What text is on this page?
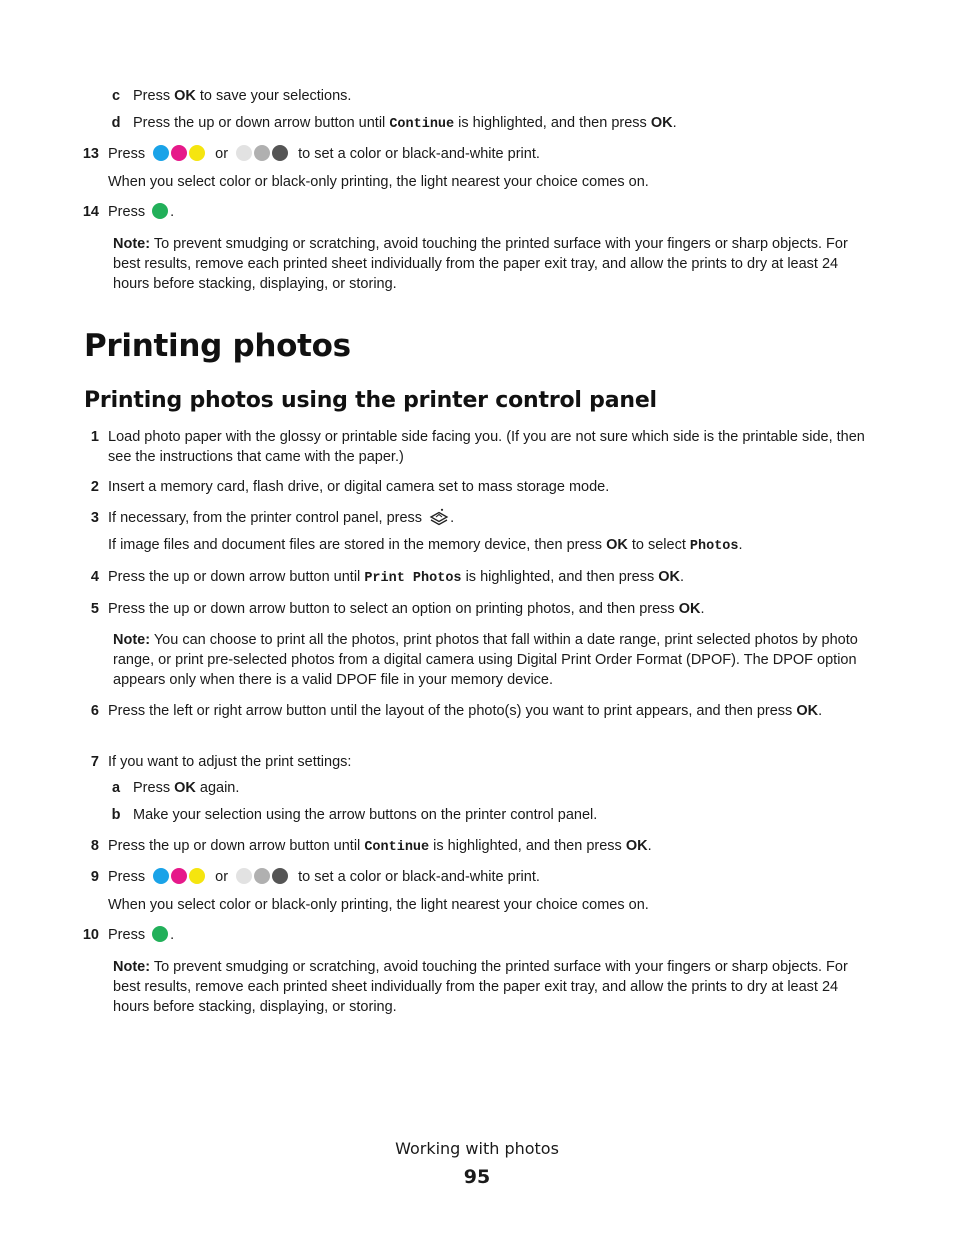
c Press OK to save your selections.
d Press the up or down arrow button until Continue is highlighted, and then press OK.
13 Press	or	to set a color or black-and-white print.
When you select color or black-only printing, the light nearest your choice comes on.
14 Press .
Note: To prevent smudging or scratching, avoid touching the printed surface with your fingers or sharp objects. For best results, remove each printed sheet individually from the paper exit tray, and allow the prints to dry at least 24 hours before stacking, displaying, or storing.
Printing photos
Printing photos using the printer control panel
1 Load photo paper with the glossy or printable side facing you. (If you are not sure which side is the printable side, then see the instructions that came with the paper.)
2 Insert a memory card, flash drive, or digital camera set to mass storage mode.
3 If necessary, from the printer control panel, press .
If image files and document files are stored in the memory device, then press OK to select Photos.
4 Press the up or down arrow button until Print Photos is highlighted, and then press OK.
5 Press the up or down arrow button to select an option on printing photos, and then press OK.
Note: You can choose to print all the photos, print photos that fall within a date range, print selected photos by photo range, or print pre-selected photos from a digital camera using Digital Print Order Format (DPOF). The DPOF option appears only when there is a valid DPOF file in your memory device.
6 Press the left or right arrow button until the layout of the photo(s) you want to print appears, and then press OK.
7 If you want to adjust the print settings:
a Press OK again.
b Make your selection using the arrow buttons on the printer control panel.
8 Press the up or down arrow button until Continue is highlighted, and then press OK.
9 Press	or	to set a color or black-and-white print.
When you select color or black-only printing, the light nearest your choice comes on.
10 Press .
Note: To prevent smudging or scratching, avoid touching the printed surface with your fingers or sharp objects. For best results, remove each printed sheet individually from the paper exit tray, and allow the prints to dry at least 24 hours before stacking, displaying, or storing.
Working with photos
95
